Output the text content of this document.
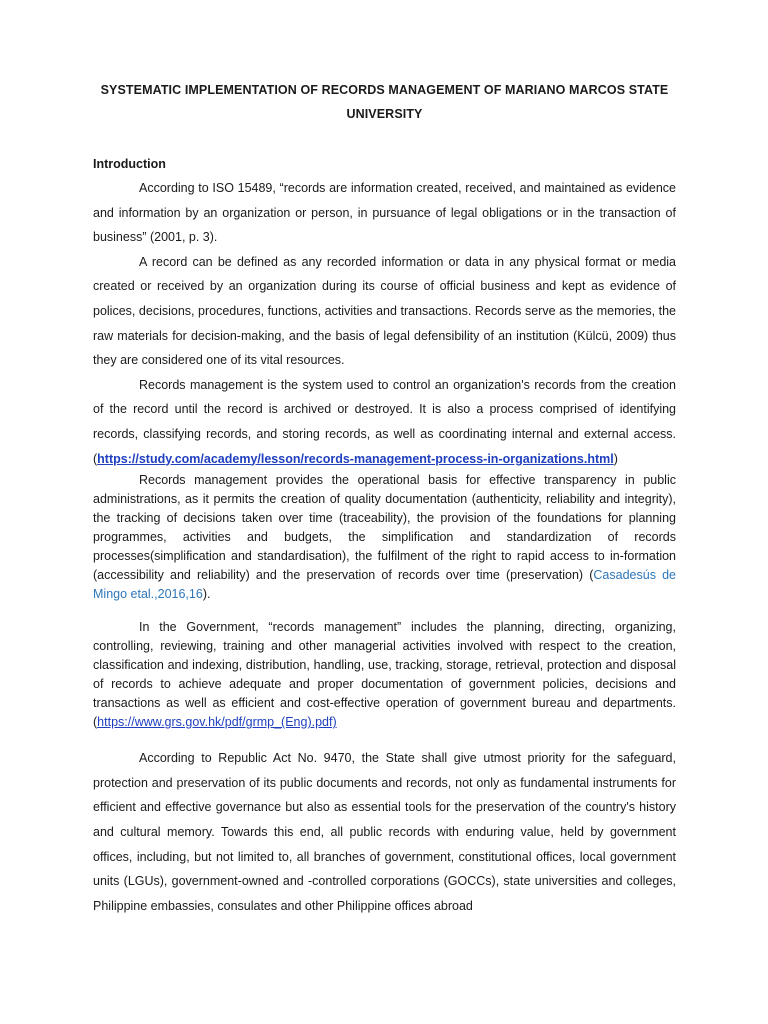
SYSTEMATIC IMPLEMENTATION OF RECORDS MANAGEMENT OF MARIANO MARCOS STATE
UNIVERSITY
Introduction

According to ISO 15489, “records are information created, received, and maintained as evidence and information by an organization or person, in pursuance of legal obligations or in the transaction of business” (2001, p. 3).

A record can be defined as any recorded information or data in any physical format or media created or received by an organization during its course of official business and kept as evidence of polices, decisions, procedures, functions, activities and transactions. Records serve as the memories, the raw materials for decision-making, and the basis of legal defensibility of an institution (Külcü, 2009) thus they are considered one of its vital resources.

Records management is the system used to control an organization's records from the creation of the record until the record is archived or destroyed. It is also a process comprised of identifying records, classifying records, and storing records, as well as coordinating internal and external access. (https://study.com/academy/lesson/records-management-process-in-organizations.html)

Records management provides the operational basis for effective transparency in public administrations, as it permits the creation of quality documentation (authenticity, reliability and integrity), the tracking of decisions taken over time (traceability), the provision of the foundations for planning programmes, activities and budgets, the simplification and standardization of records processes(simplification and standardisation), the fulfilment of the right to rapid access to in-formation (accessibility and reliability) and the preservation of records over time (preservation) (Casadesús de Mingo etal.,2016,16).

In the Government, “records management” includes the planning, directing, organizing, controlling, reviewing, training and other managerial activities involved with respect to the creation, classification and indexing, distribution, handling, use, tracking, storage, retrieval, protection and disposal of records to achieve adequate and proper documentation of government policies, decisions and transactions as well as efficient and cost-effective operation of government bureau and departments. (https://www.grs.gov.hk/pdf/grmp_(Eng).pdf)

According to Republic Act No. 9470, the State shall give utmost priority for the safeguard, protection and preservation of its public documents and records, not only as fundamental instruments for efficient and effective governance but also as essential tools for the preservation of the country's history and cultural memory. Towards this end, all public records with enduring value, held by government offices, including, but not limited to, all branches of government, constitutional offices, local government units (LGUs), government-owned and -controlled corporations (GOCCs), state universities and colleges, Philippine embassies, consulates and other Philippine offices abroad
